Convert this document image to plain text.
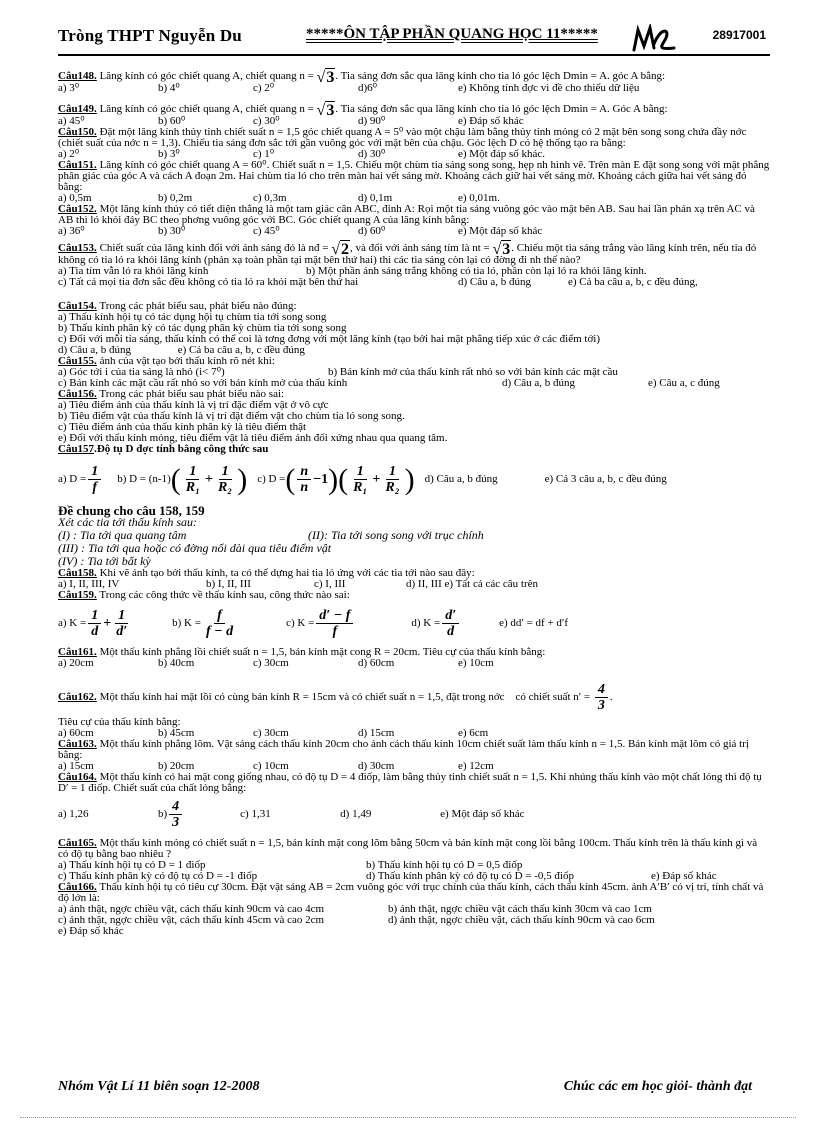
Tròng THPT Nguyễn Du	*****ÔN TẬP PHẦN QUANG HỌC 11*****	28917001
Câu148. Lăng kính có góc chiết quang A, chiết quang n = √3. Tia sáng đơn sắc qua lăng kính cho tia ló góc lệch Dmin = A. góc A bằng:
a) 3⁰	b) 4⁰	c) 2⁰	d)6⁰	e) Không tính đợc vì đề cho thiếu dữ liệu
Câu149. Lăng kính có góc chiết quang A, chiết quang n = √3. Tia sáng đơn sắc qua lăng kính cho tia ló góc lệch Dmin = A. Góc A bằng:
a) 45⁰	b) 60⁰	c) 30⁰	d) 90⁰	e) Đáp số khác
Câu150. Đặt một lăng kính thủy tinh chiết suất n = 1,5 góc chiết quang A = 5⁰ vào một chậu làm bằng thủy tinh mỏng có 2 mặt bên song song chứa đầy nớc (chiết suất của nớc n = 1,3). Chiếu tia sáng đơn sắc tới gần vuông góc với mặt bên của chậu. Góc lệch D có hệ thống tạo ra bằng:
a) 2⁰	b) 3⁰	c) 1⁰	d) 30⁰	e) Một đáp số khác.
Câu151. Lăng kính có góc chiết quang A = 60⁰. Chiết suất n = 1,5. Chiếu một chùm tia sáng song song, hẹp nh hình vẽ. Trên màn E đặt song song với mặt phẳng phân giác của góc A và cách A đoạn 2m. Hai chùm tia ló cho trên màn hai vết sáng mờ. Khoảng cách giữ hai vết sáng mờ. Khoảng cách giữa hai vết sáng đó bằng:
a) 0,5m	b) 0,2m	c) 0,3m	d) 0,1m	e) 0,01m.
Câu152. Một lăng kính thủy có tiết diện thẳng là một tam giác cân ABC, đỉnh A: Rọi một tia sáng vuông góc vào mặt bên AB. Sau hai lần phản xạ trên AC và AB thì ló khỏi đáy BC theo phơng vuông góc với BC. Góc chiết quang A của lăng kính bằng:
a) 36⁰	b) 30⁰	c) 45⁰	d) 60⁰	e) Một đáp số khác
Câu153. Chiết suất của lăng kính đối với ánh sáng đỏ là nđ = √2, và đối với ánh sáng tím là nt = √3. Chiếu một tia sáng trắng vào lăng kính trên, nếu tia đỏ không có tia ló ra khỏi lăng kính (phản xạ toàn phần tại mặt bên thứ hai) thì các tia sáng còn lại có đờng đi nh thế nào?
a) Tia tím vẫn ló ra khỏi lăng kính	b) Một phần ánh sáng trắng không có tia ló, phần còn lại ló ra khỏi lăng kính.
c) Tất cả mọi tia đơn sắc đều không có tia ló ra khỏi mặt bên thứ hai	d) Câu a, b đúng	e) Cả ba câu a, b, c đều đúng,
Câu154. Trong các phát biểu sau, phát biểu nào đúng:
a) Thấu kính hội tụ có tác dụng hội tụ chùm tia tới song song
b) Thấu kính phân kỳ có tác dụng phân kỳ chùm tia tới song song
c) Đối với mỗi tia sáng, thấu kính có thể coi là tơng đơng với một lăng kính (tạo bởi hai mặt phẳng tiếp xúc ở các điểm tới)
d) Câu a, b đúng                 e) Cả ba câu a, b, c đều đúng
Câu155. ảnh của vật tạo bởi thấu kính rõ nét khi:
a) Góc tới i của tia sáng là nhỏ (i< 7⁰)	b) Bán kính mở của thấu kính rất nhỏ so với bán kính các mặt cầu
c) Bán kính các mặt cầu rất nhỏ so với bán kính mở của thấu kính	d) Câu a, b đúng	e) Câu a, c đúng
Câu156. Trong các phát biểu sau phát biểu nào sai:
a) Tiêu điểm ảnh của thấu kính là vị trí đặc điểm vật ở vô cực
b) Tiêu điểm vật của thấu kính là vị trí đặt điểm vật cho chùm tia ló song song.
c) Tiêu điểm ảnh của thấu kính phân kỳ là tiêu điểm thật
e) Đối với thấu kính mỏng, tiêu điểm vật là tiêu điểm ảnh đối xứng nhau qua quang tâm.
Câu157.Độ tụ D đợc tính bằng công thức sau
a) $D = \frac{1}{f} b$) D = (n-1) ( $\frac{1}{\text{R₁}} + \frac{1}{\text{R₂}}$ ) c) D = ( $\frac{n}{n} -1$ ) ( $\frac{1}{\text{R₁}} + \frac{1}{\text{R₂}}$ ) d) Câu a, b đúng	e) Cả 3 câu a, b, c đều đúng
Đề chung cho câu 158, 159
Xét các tia tới thấu kính sau:
(I) : Tia tới qua quang tâm	(II): Tia tới song song với trục chính
(III) : Tia tới qua hoặc có đờng nối dài qua tiêu điểm vật
(IV) : Tia tới bất kỳ
Câu158. Khi vẽ ảnh tạo bởi thấu kính, ta có thể dựng hai tia ló ứng với các tia tới nào sau đây:
a) I, II, III, IV	b) I, II, III	c) I, III	d) II, III e) Tất cả các câu trên
Câu159. Trong các công thức về thấu kính sau, công thức nào sai:
a) $K = \frac{1}{d} + \frac{1}{d'}$	b) $K = \frac{f}{f - d}$	c) $K = \frac{d' - f}{f}$	d) $K = \frac{d'}{d}$	e) dd′ = df + d′f
Câu161. Một thấu kính phẳng lồi chiết suất n = 1,5, bán kính mặt cong R = 20cm. Tiêu cự của thấu kính bằng:
a) 20cm	b) 40cm	c) 30cm	d) 60cm	e) 10cm
Câu162. Một thấu kính hai mặt lồi có cùng bán kính R = 15cm và có chiết suất n = 1,5, đặt trong nớc    có chiết suất $n' = \frac{4}{3}$ .
Tiêu cự của thấu kính bằng:
a) 60cm	b) 45cm	c) 30cm	d) 15cm	e) 6cm
Câu163. Một thấu kính phẳng lõm. Vật sáng cách thấu kính 20cm cho ảnh cách thấu kính 10cm chiết suất làm thấu kính n = 1,5. Bán kính mặt lõm có giá trị bằng:
a) 15cm	b) 20cm	c) 10cm	d) 30cm	e) 12cm
Câu164. Một thấu kính có hai mặt cong giống nhau, có độ tụ D = 4 điốp, làm bằng thủy tinh chiết suất n = 1,5. Khi nhúng thấu kính vào một chất lỏng thì độ tụ D′ = 1 điốp. Chiết suất của chất lỏng bằng:
a) 1,26	$b) \frac{4}{3}$	c) 1,31	d) 1,49	e) Một đáp số khác
Câu165. Một thấu kính mỏng có chiết suất n = 1,5, bán kính mặt cong lõm bằng 50cm và bán kính mặt cong lồi bằng 100cm. Thấu kính trên là thấu kính gì và có độ tụ bằng bao nhiêu ?
a) Thấu kính hội tụ có D = 1 điốp	b) Thấu kính hội tụ có D = 0,5 điốp
c) Thấu kính phân kỳ có độ tụ có D = -1 điốp	d) Thấu kính phân kỳ có độ tụ có D = -0,5 điốp	e) Đáp số khác
Câu166. Thấu kính hội tụ có tiêu cự 30cm. Đặt vật sáng AB = 2cm vuông góc với trục chính của thấu kính, cách thấu kính 45cm. ảnh A′B′ có vị trí, tính chất và độ lớn là:
a) ảnh thật, ngợc chiều vật, cách thấu kính 90cm và cao 4cm	b) ảnh thật, ngợc chiều vật cách thấu kính 30cm và cao 1cm
c) ảnh thật, ngợc chiều vật, cách thấu kính 45cm và cao 2cm	d) ảnh thật, ngợc chiều vật, cách thấu kính 90cm và cao 6cm
e) Đáp số khác
Nhóm Vật Lí 11 biên soạn 12-2008	Chúc các em học giỏi- thành đạt
